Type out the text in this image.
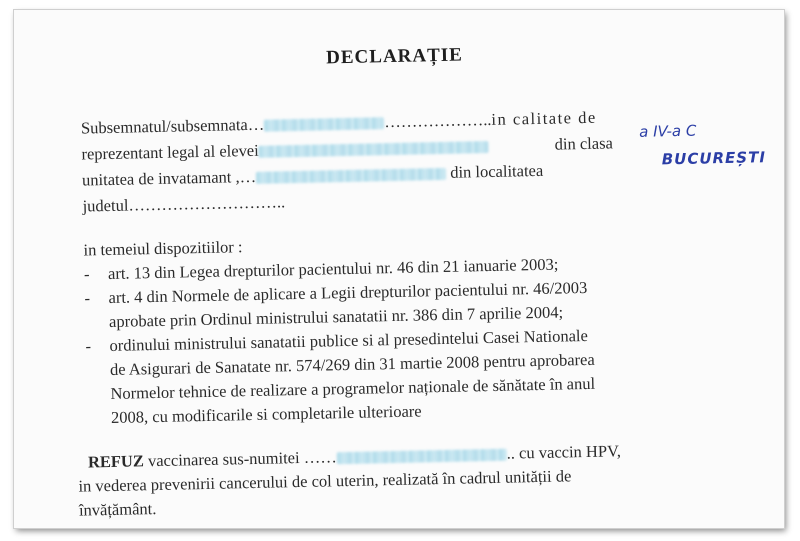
DECLARAȚIE
Subsemnatul/subsemnata…	………………..in calitate de
reprezentant legal al elevei	din clasa
a IV-a C
unitatea de invatamant ,…	din localitatea
BUCUREȘTI
judetul………………………..
in temeiul dispozitiilor :
- art. 13 din Legea drepturilor pacientului nr. 46 din 21 ianuarie 2003;
- art. 4 din Normele de aplicare a Legii drepturilor pacientului nr. 46/2003
aprobate prin Ordinul ministrului sanatatii nr. 386 din 7 aprilie 2004;
- ordinului ministrului sanatatii publice si al presedintelui Casei Nationale
de Asigurari de Sanatate nr. 574/269 din 31 martie 2008 pentru aprobarea
Normelor tehnice de realizare a programelor naționale de sănătate în anul
2008, cu modificarile si completarile ulterioare
REFUZ vaccinarea sus-numitei ……	.. cu vaccin HPV,
in vederea prevenirii cancerului de col uterin, realizată în cadrul unității de
învățământ.
